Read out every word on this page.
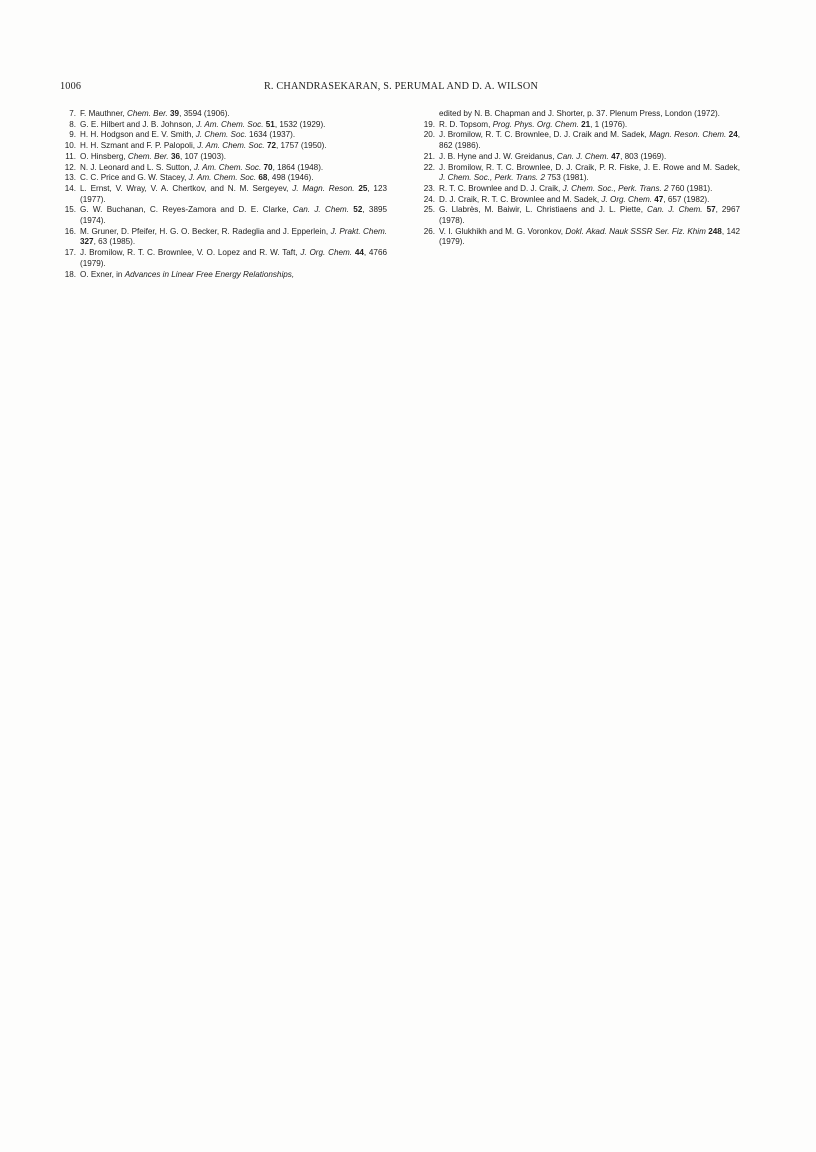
1006	R. CHANDRASEKARAN, S. PERUMAL AND D. A. WILSON
7. F. Mauthner, Chem. Ber. 39, 3594 (1906).
8. G. E. Hilbert and J. B. Johnson, J. Am. Chem. Soc. 51, 1532 (1929).
9. H. H. Hodgson and E. V. Smith, J. Chem. Soc. 1634 (1937).
10. H. H. Szmant and F. P. Palopoli, J. Am. Chem. Soc. 72, 1757 (1950).
11. O. Hinsberg, Chem. Ber. 36, 107 (1903).
12. N. J. Leonard and L. S. Sutton, J. Am. Chem. Soc. 70, 1864 (1948).
13. C. C. Price and G. W. Stacey, J. Am. Chem. Soc. 68, 498 (1946).
14. L. Ernst, V. Wray, V. A. Chertkov, and N. M. Sergeyev, J. Magn. Reson. 25, 123 (1977).
15. G. W. Buchanan, C. Reyes-Zamora and D. E. Clarke, Can. J. Chem. 52, 3895 (1974).
16. M. Gruner, D. Pfeifer, H. G. O. Becker, R. Radeglia and J. Epperlein, J. Prakt. Chem. 327, 63 (1985).
17. J. Bromilow, R. T. C. Brownlee, V. O. Lopez and R. W. Taft, J. Org. Chem. 44, 4766 (1979).
18. O. Exner, in Advances in Linear Free Energy Relationships,
edited by N. B. Chapman and J. Shorter, p. 37. Plenum Press, London (1972).
19. R. D. Topsom, Prog. Phys. Org. Chem. 21, 1 (1976).
20. J. Bromilow, R. T. C. Brownlee, D. J. Craik and M. Sadek, Magn. Reson. Chem. 24, 862 (1986).
21. J. B. Hyne and J. W. Greidanus, Can. J. Chem. 47, 803 (1969).
22. J. Bromilow, R. T. C. Brownlee, D. J. Craik, P. R. Fiske, J. E. Rowe and M. Sadek, J. Chem. Soc., Perk. Trans. 2 753 (1981).
23. R. T. C. Brownlee and D. J. Craik, J. Chem. Soc., Perk. Trans. 2 760 (1981).
24. D. J. Craik, R. T. C. Brownlee and M. Sadek, J. Org. Chem. 47, 657 (1982).
25. G. Llabrès, M. Baiwir, L. Christiaens and J. L. Piette, Can. J. Chem. 57, 2967 (1978).
26. V. I. Glukhikh and M. G. Voronkov, Dokl. Akad. Nauk SSSR Ser. Fiz. Khim 248, 142 (1979).
